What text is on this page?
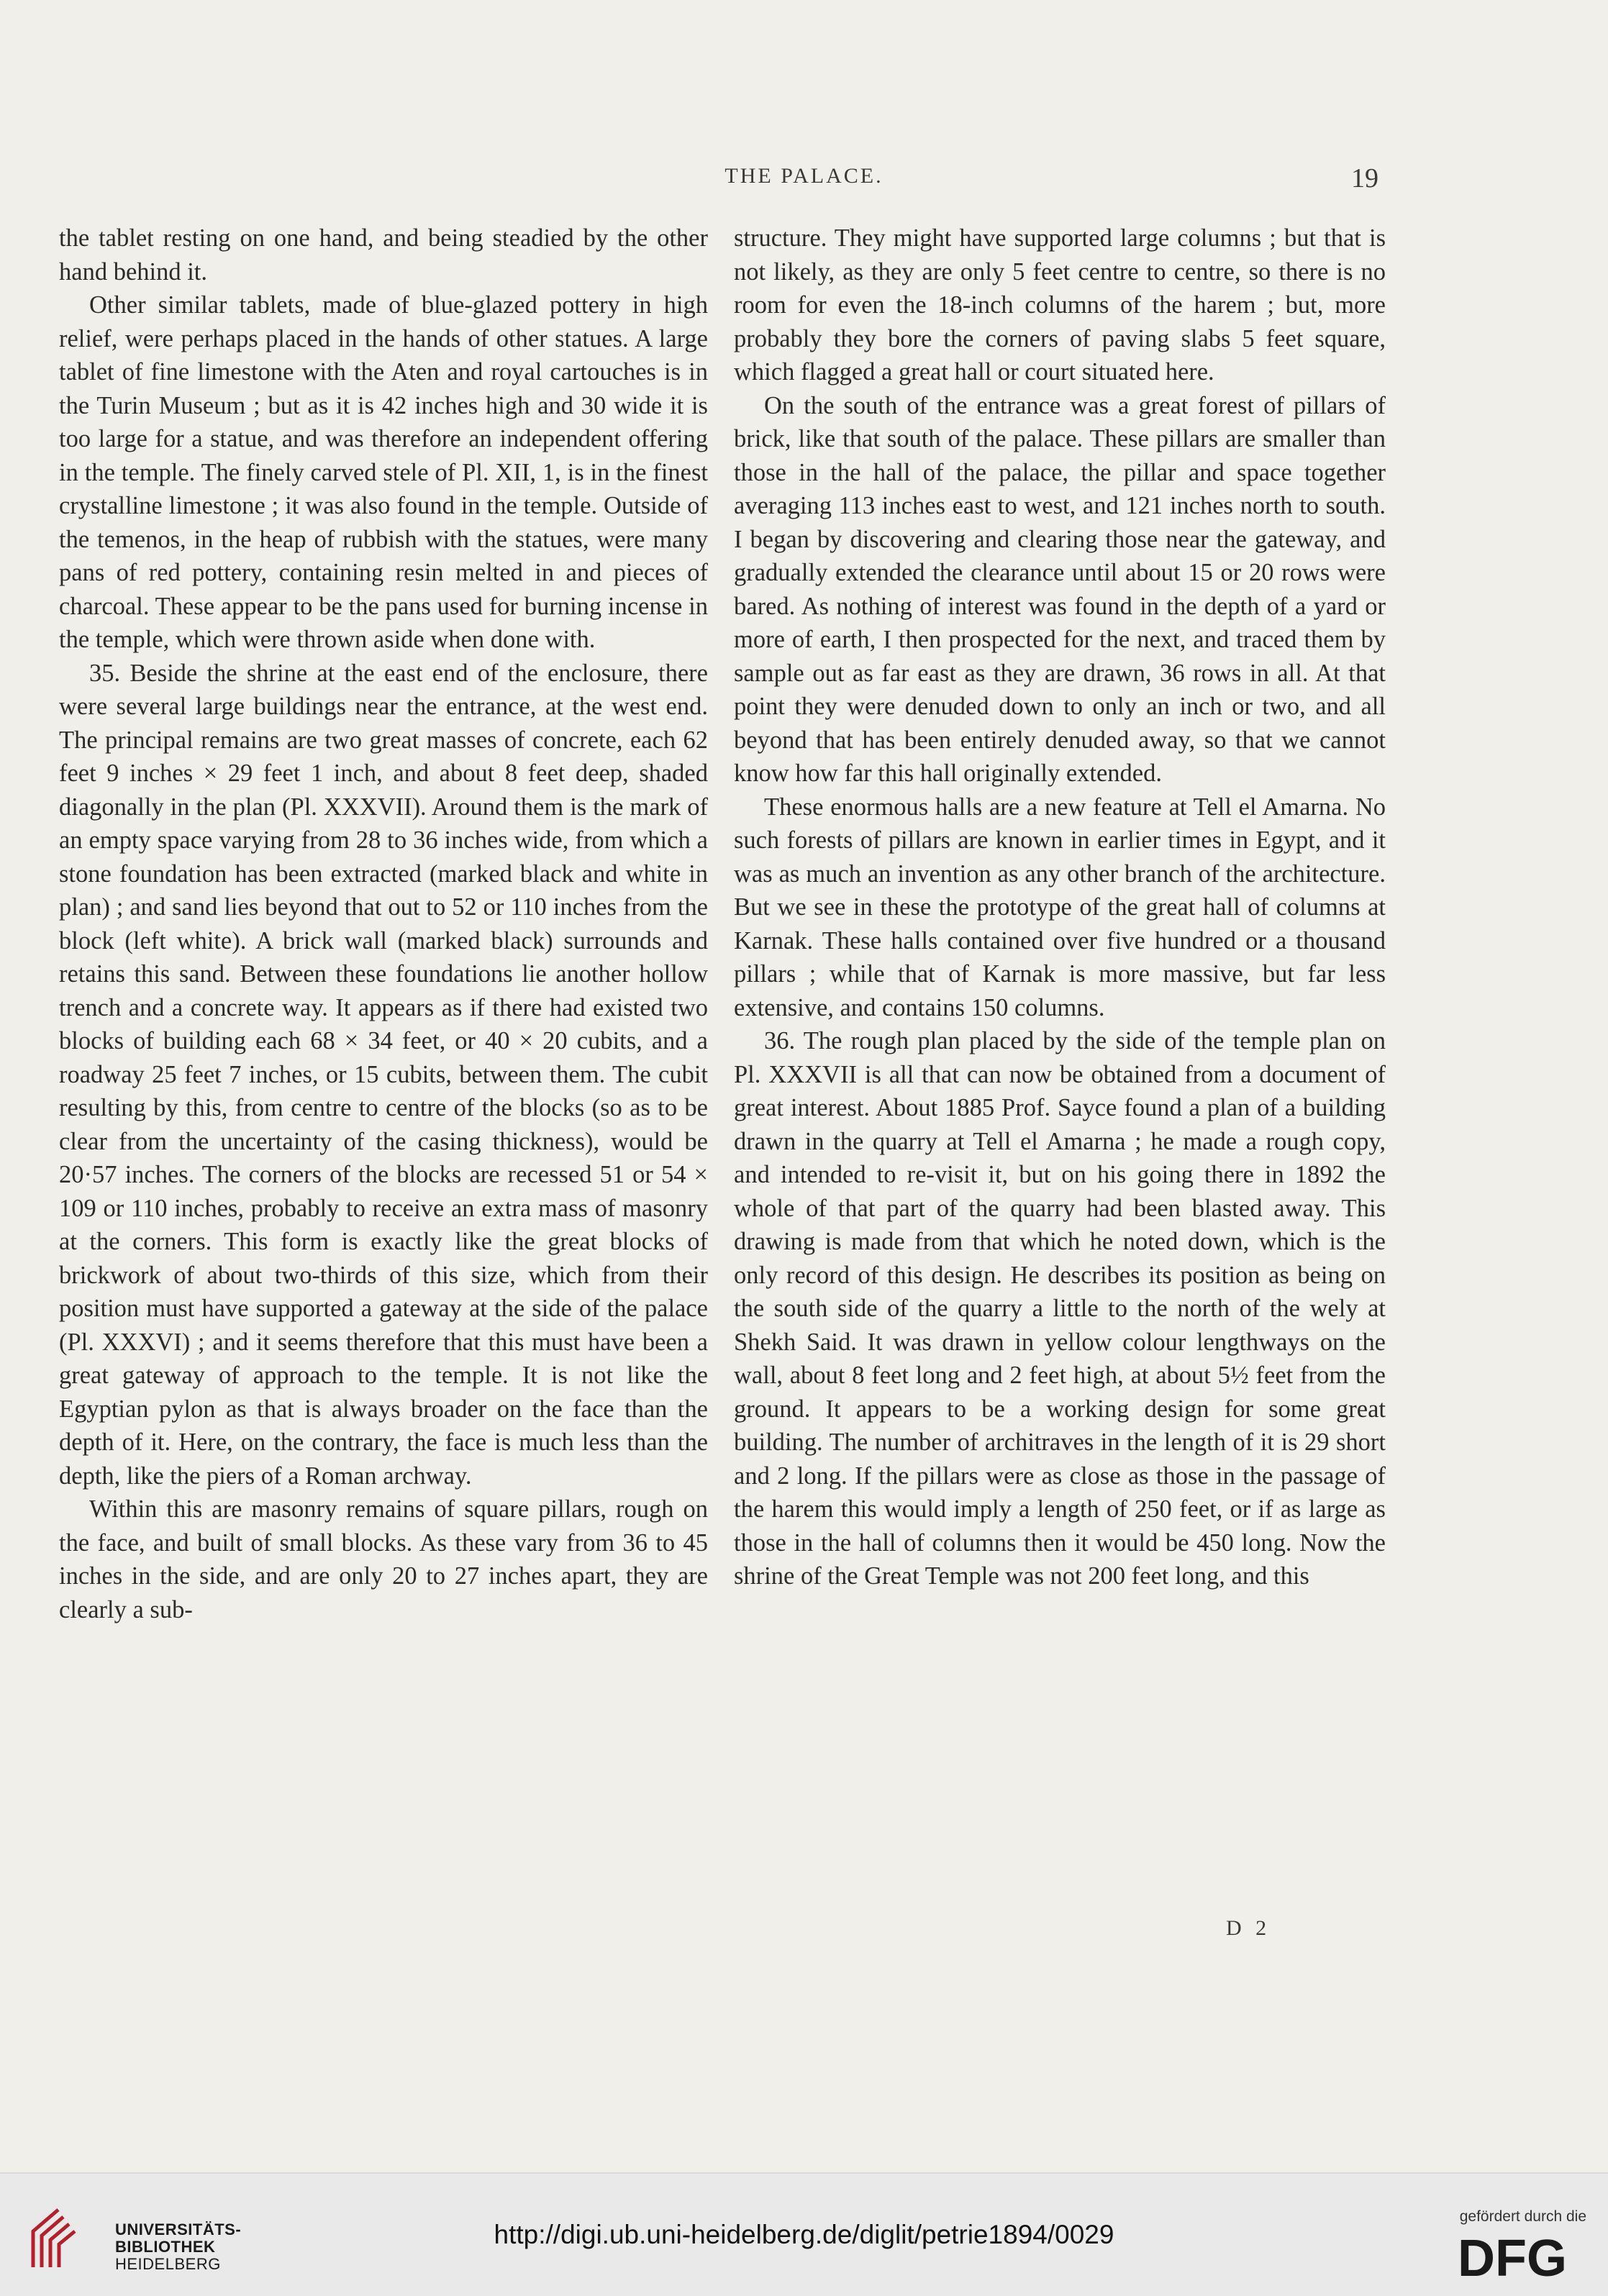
THE PALACE.	19

the tablet resting on one hand, and being steadied by the other hand behind it.

Other similar tablets, made of blue-glazed pottery in high relief, were perhaps placed in the hands of other statues. A large tablet of fine limestone with the Aten and royal cartouches is in the Turin Museum ; but as it is 42 inches high and 30 wide it is too large for a statue, and was therefore an independent offering in the temple. The finely carved stele of Pl. XII, 1, is in the finest crystalline limestone ; it was also found in the temple. Outside of the temenos, in the heap of rubbish with the statues, were many pans of red pottery, containing resin melted in and pieces of charcoal. These appear to be the pans used for burning incense in the temple, which were thrown aside when done with.

35. Beside the shrine at the east end of the enclosure, there were several large buildings near the entrance, at the west end. The principal remains are two great masses of concrete, each 62 feet 9 inches × 29 feet 1 inch, and about 8 feet deep, shaded diagonally in the plan (Pl. XXXVII). Around them is the mark of an empty space varying from 28 to 36 inches wide, from which a stone foundation has been extracted (marked black and white in plan) ; and sand lies beyond that out to 52 or 110 inches from the block (left white). A brick wall (marked black) surrounds and retains this sand. Between these foundations lie another hollow trench and a concrete way. It appears as if there had existed two blocks of building each 68 × 34 feet, or 40 × 20 cubits, and a roadway 25 feet 7 inches, or 15 cubits, between them. The cubit resulting by this, from centre to centre of the blocks (so as to be clear from the uncertainty of the casing thickness), would be 20·57 inches. The corners of the blocks are recessed 51 or 54 × 109 or 110 inches, probably to receive an extra mass of masonry at the corners. This form is exactly like the great blocks of brickwork of about two-thirds of this size, which from their position must have supported a gateway at the side of the palace (Pl. XXXVI) ; and it seems therefore that this must have been a great gateway of approach to the temple. It is not like the Egyptian pylon as that is always broader on the face than the depth of it. Here, on the contrary, the face is much less than the depth, like the piers of a Roman archway.

Within this are masonry remains of square pillars, rough on the face, and built of small blocks. As these vary from 36 to 45 inches in the side, and are only 20 to 27 inches apart, they are clearly a sub-

structure. They might have supported large columns ; but that is not likely, as they are only 5 feet centre to centre, so there is no room for even the 18-inch columns of the harem ; but, more probably they bore the corners of paving slabs 5 feet square, which flagged a great hall or court situated here.

On the south of the entrance was a great forest of pillars of brick, like that south of the palace. These pillars are smaller than those in the hall of the palace, the pillar and space together averaging 113 inches east to west, and 121 inches north to south. I began by discovering and clearing those near the gateway, and gradually extended the clearance until about 15 or 20 rows were bared. As nothing of interest was found in the depth of a yard or more of earth, I then prospected for the next, and traced them by sample out as far east as they are drawn, 36 rows in all. At that point they were denuded down to only an inch or two, and all beyond that has been entirely denuded away, so that we cannot know how far this hall originally extended.

These enormous halls are a new feature at Tell el Amarna. No such forests of pillars are known in earlier times in Egypt, and it was as much an invention as any other branch of the architecture. But we see in these the prototype of the great hall of columns at Karnak. These halls contained over five hundred or a thousand pillars ; while that of Karnak is more massive, but far less extensive, and contains 150 columns.

36. The rough plan placed by the side of the temple plan on Pl. XXXVII is all that can now be obtained from a document of great interest. About 1885 Prof. Sayce found a plan of a building drawn in the quarry at Tell el Amarna ; he made a rough copy, and intended to re-visit it, but on his going there in 1892 the whole of that part of the quarry had been blasted away. This drawing is made from that which he noted down, which is the only record of this design. He describes its position as being on the south side of the quarry a little to the north of the wely at Shekh Said. It was drawn in yellow colour lengthways on the wall, about 8 feet long and 2 feet high, at about 5½ feet from the ground. It appears to be a working design for some great building. The number of architraves in the length of it is 29 short and 2 long. If the pillars were as close as those in the passage of the harem this would imply a length of 250 feet, or if as large as those in the hall of columns then it would be 450 long. Now the shrine of the Great Temple was not 200 feet long, and this

D 2
UNIVERSITÄTS-
BIBLIOTHEK
HEIDELBERG
http://digi.ub.uni-heidelberg.de/diglit/petrie1894/0029
gefördert durch die
DFG
